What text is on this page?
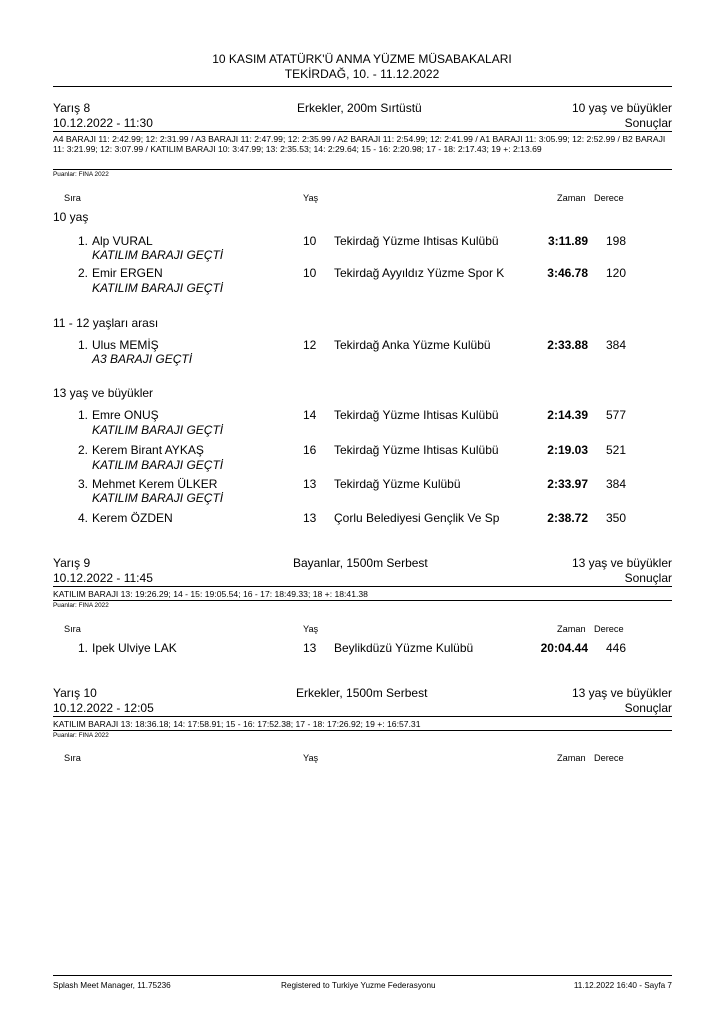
10 KASIM ATATÜRK'Ü ANMA YÜZME MÜSABAKALARI
TEKİRDAĞ, 10. - 11.12.2022
Yarış 8
10.12.2022 - 11:30
Erkekler, 200m Sırtüstü	10 yaş ve büyükler
Sonuçlar
A4 BARAJI 11: 2:42.99; 12: 2:31.99 / A3 BARAJI 11: 2:47.99; 12: 2:35.99 / A2 BARAJI 11: 2:54.99; 12: 2:41.99 / A1 BARAJI 11: 3:05.99; 12: 2:52.99 / B2 BARAJI 11: 3:21.99; 12: 3:07.99 / KATILIM BARAJI 10: 3:47.99; 13: 2:35.53; 14: 2:29.64; 15 - 16: 2:20.98; 17 - 18: 2:17.43; 19 +: 2:13.69
Puanlar: FINA 2022
Sıra	Yaş	Zaman Derece
10 yaş
1. Alp VURAL	10 Tekirdağ Yüzme Ihtisas Kulübü	3:11.89 198
KATILIM BARAJI GEÇTİ
2. Emir ERGEN	10 Tekirdağ Ayyıldız Yüzme Spor K	3:46.78 120
KATILIM BARAJI GEÇTİ
11 - 12 yaşları arası
1. Ulus MEMİŞ	12 Tekirdağ Anka Yüzme Kulübü	2:33.88 384
A3 BARAJI GEÇTİ
13 yaş ve büyükler
1. Emre ONUŞ	14 Tekirdağ Yüzme Ihtisas Kulübü	2:14.39 577
KATILIM BARAJI GEÇTİ
2. Kerem Birant AYKAŞ	16 Tekirdağ Yüzme Ihtisas Kulübü	2:19.03 521
KATILIM BARAJI GEÇTİ
3. Mehmet Kerem ÜLKER	13 Tekirdağ Yüzme Kulübü	2:33.97 384
KATILIM BARAJI GEÇTİ
4. Kerem ÖZDEN	13 Çorlu Belediyesi Gençlik Ve Sp	2:38.72 350
Yarış 9
10.12.2022 - 11:45
Bayanlar, 1500m Serbest	13 yaş ve büyükler
Sonuçlar
KATILIM BARAJI 13: 19:26.29; 14 - 15: 19:05.54; 16 - 17: 18:49.33; 18 +: 18:41.38
Puanlar: FINA 2022
Sıra	Yaş	Zaman Derece
1. Ipek Ulviye LAK	13 Beylikdüzü Yüzme Kulübü	20:04.44 446
Yarış 10
10.12.2022 - 12:05
Erkekler, 1500m Serbest	13 yaş ve büyükler
Sonuçlar
KATILIM BARAJI 13: 18:36.18; 14: 17:58.91; 15 - 16: 17:52.38; 17 - 18: 17:26.92; 19 +: 16:57.31
Puanlar: FINA 2022
Sıra	Yaş	Zaman Derece
Splash Meet Manager, 11.75236	Registered to Turkiye Yuzme Federasyonu	11.12.2022 16:40 - Sayfa 7
